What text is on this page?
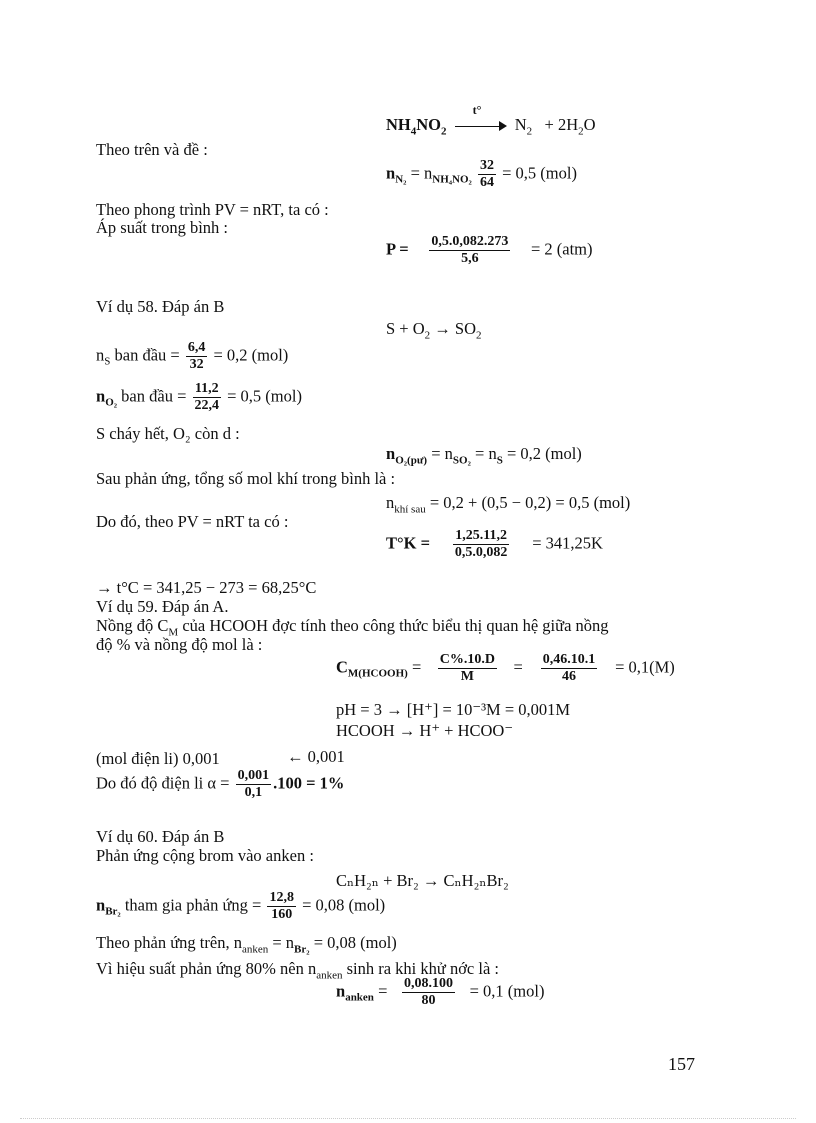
$NH_4NO_2$
t°
$N_2 + 2H_2O$
Theo trên và đề :
$n_{N_2} = n_{NH_4NO_2} \frac{32}{64} = 0,5$ (mol)
Theo phong trình PV = nRT, ta có :
Áp suất trong bình :
$P = \frac{0,5.0,082.273}{5,6} = 2$ (atm)
Ví dụ 58. Đáp án B
$S + O_2 \to SO_2$
$n_S$ ban đầu = $\frac{6,4}{32} = 0,2$ (mol)
$n_{O_2}$ ban đầu = $\frac{11,2}{22,4} = 0,5$ (mol)
S cháy hết, O₂ còn d :
$n_{O_2(pư)} = n_{SO_2} = n_S = 0,2$ (mol)
Sau phản ứng, tổng số mol khí trong bình là :
$n_{khí sau} = 0,2 + (0,5 - 0,2) = 0,5$ (mol)
Do đó, theo PV = nRT ta có :
$T^\circ K = \frac{1,25.11,2}{0,5.0,082} = 341,25K$
→ t°C = 341,25 − 273 = 68,25°C
Ví dụ 59. Đáp án A.
Nồng độ $C_M$ của HCOOH đợc tính theo công thức biểu thị quan hệ giữa nồng
độ % và nồng độ mol là :
$C_{M(HCOOH)} = \frac{C\%.10.D}{M} = \frac{0,46.10.1}{46} = 0,1(M)$
pH = 3 → [H⁺] = 10⁻³M = 0,001M
HCOOH → H⁺ + HCOO⁻
(mol điện li) 0,001	← 0,001
Do đó độ điện li $\alpha = \frac{0,001}{0,1} .100 = 1\%$
Ví dụ 60. Đáp án B
Phản ứng cộng brom vào anken :
CₙH₂ₙ + Br₂ → CₙH₂ₙBr₂
$n_{Br_2}$ tham gia phản ứng = $\frac{12,8}{160} = 0,08$ (mol)
Theo phản ứng trên, $n_{anken} = n_{Br_2} = 0,08$ (mol)
Vì hiệu suất phản ứng 80% nên $n_{anken}$ sinh ra khi khử nớc là :
$n_{anken} = \frac{0,08.100}{80} = 0,1$ (mol)
157
